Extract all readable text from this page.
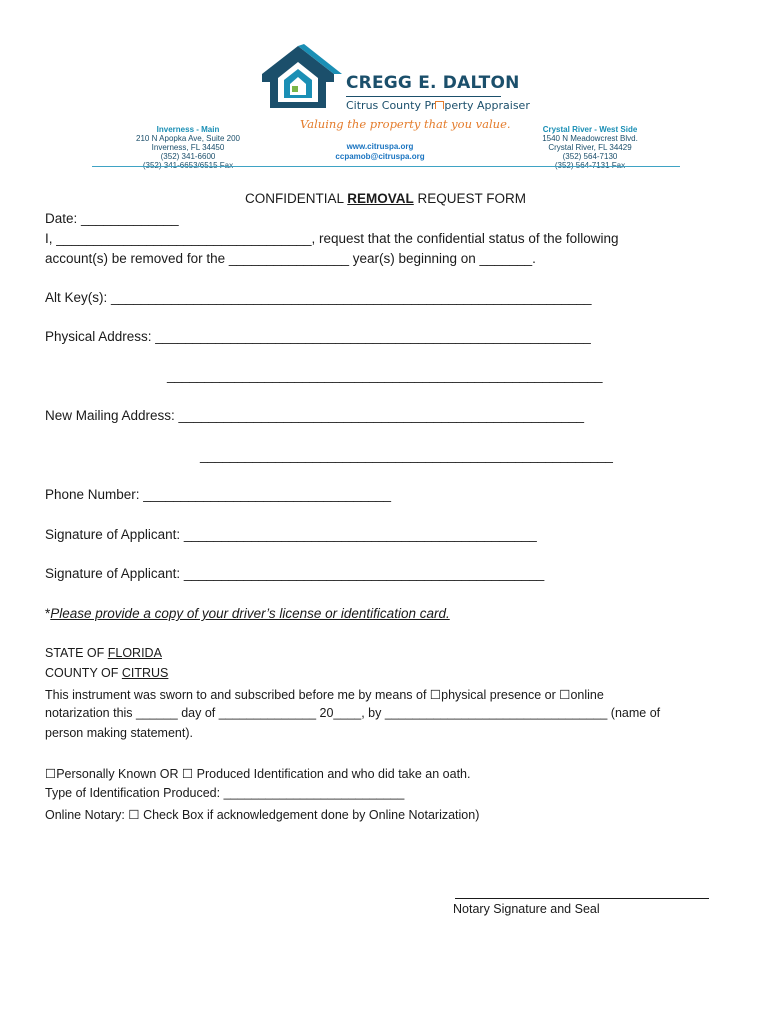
CREGG E. DALTON
Citrus County Pr perty Appraiser
Valuing the property that you value.
Inverness - Main
210 N Apopka Ave, Suite 200
Inverness, FL 34450
(352) 341-6600
www.citruspa.org
ccpamob@citruspa.org
Crystal River - West Side
1540 N Meadowcrest Blvd.
Crystal River, FL 34429
(352) 564-7130
CONFIDENTIAL REMOVAL REQUEST FORM
Date: _____________
I, __________________________________, request that the confidential status of the following
account(s) be removed for the ________________ year(s) beginning on _______.
Alt Key(s): ________________________________________________________________
Physical Address: __________________________________________________________
__________________________________________________________
New Mailing Address: ______________________________________________________
_______________________________________________________
Phone Number: _________________________________
Signature of Applicant: _______________________________________________
Signature of Applicant: ________________________________________________
*Please provide a copy of your driver’s license or identification card.
STATE OF FLORIDA
COUNTY OF CITRUS
This instrument was sworn to and subscribed before me by means of ☐physical presence or ☐online
notarization this ______ day of ______________ 20____, by ________________________________ (name of
person making statement).
☐Personally Known OR ☐ Produced Identification and who did take an oath.
Type of Identification Produced: __________________________
Online Notary: ☐ Check Box if acknowledgement done by Online Notarization)
Notary Signature and Seal
